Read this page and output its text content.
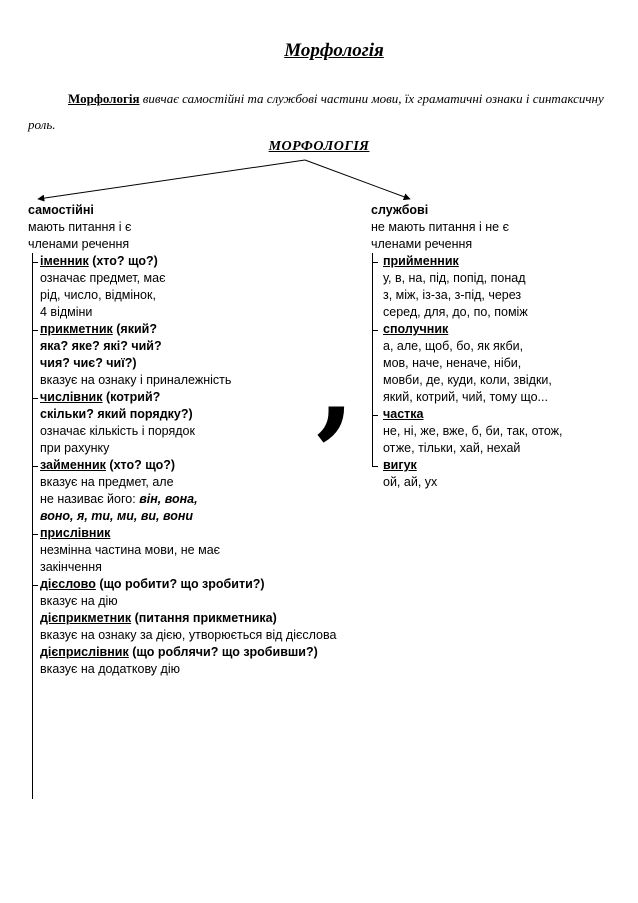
Морфологія
Морфологія вивчає самостійні та службові частини мови, їх граматичні ознаки і синтаксичну роль.
МОРФОЛОГІЯ
,
самостійні
мають питання і є
членами речення
іменник (хто? що?)
означає предмет, має
рід, число, відмінок,
4 відміни
прикметник (який?
яка? яке? які? чий?
чия? чиє? чиї?)
вказує на ознаку і приналежність
числівник (котрий?
скільки? який порядку?)
означає кількість і порядок
при рахунку
займенник (хто? що?)
вказує на предмет, але
не називає його: він, вона,
воно, я, ти, ми, ви, вони
прислівник
незмінна частина мови, не має
закінчення
дієслово (що робити? що зробити?)
вказує на дію
дієприкметник (питання прикметника)
вказує на ознаку за дією, утворюється від дієслова
дієприслівник (що роблячи? що зробивши?)
вказує на додаткову дію
службові
не мають питання і не є
членами речення
прийменник
у, в, на, під, попід, понад
з, між, із-за, з-під, через
серед, для, до, по, поміж
сполучник
а, але, щоб, бо, як якби,
мов, наче, неначе, ніби,
мовби, де, куди, коли, звідки,
який, котрий, чий, тому що...
частка
не, ні, же, вже, б, би, так, отож,
отже, тільки, хай, нехай
вигук
ой, ай, ух
